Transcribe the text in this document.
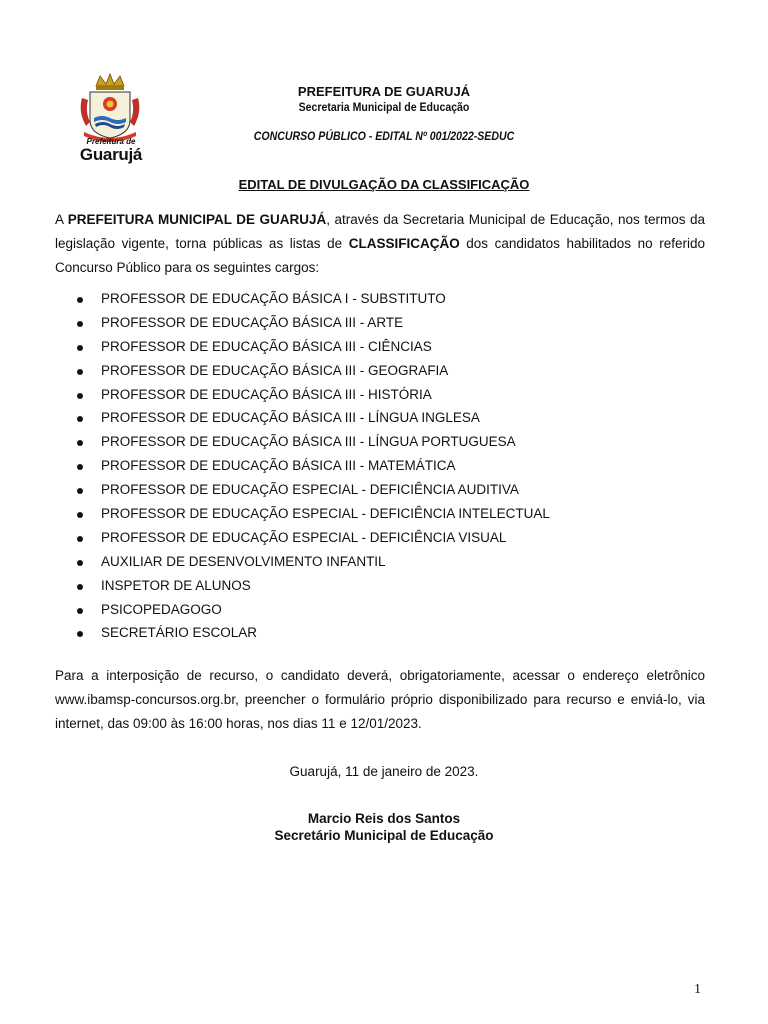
Prefeitura de
Guarujá
PREFEITURA DE GUARUJÁ
Secretaria Municipal de Educação
CONCURSO PÚBLICO - EDITAL Nº 001/2022-SEDUC
EDITAL DE DIVULGAÇÃO DA CLASSIFICAÇÃO
A PREFEITURA MUNICIPAL DE GUARUJÁ, através da Secretaria Municipal de Educação, nos termos da legislação vigente, torna públicas as listas de CLASSIFICAÇÃO dos candidatos habilitados no referido Concurso Público para os seguintes cargos:
PROFESSOR DE EDUCAÇÃO BÁSICA I - SUBSTITUTO
PROFESSOR DE EDUCAÇÃO BÁSICA III - ARTE
PROFESSOR DE EDUCAÇÃO BÁSICA III - CIÊNCIAS
PROFESSOR DE EDUCAÇÃO BÁSICA III - GEOGRAFIA
PROFESSOR DE EDUCAÇÃO BÁSICA III - HISTÓRIA
PROFESSOR DE EDUCAÇÃO BÁSICA III - LÍNGUA INGLESA
PROFESSOR DE EDUCAÇÃO BÁSICA III - LÍNGUA PORTUGUESA
PROFESSOR DE EDUCAÇÃO BÁSICA III - MATEMÁTICA
PROFESSOR DE EDUCAÇÃO ESPECIAL - DEFICIÊNCIA AUDITIVA
PROFESSOR DE EDUCAÇÃO ESPECIAL - DEFICIÊNCIA INTELECTUAL
PROFESSOR DE EDUCAÇÃO ESPECIAL - DEFICIÊNCIA VISUAL
AUXILIAR DE DESENVOLVIMENTO INFANTIL
INSPETOR DE ALUNOS
PSICOPEDAGOGO
SECRETÁRIO ESCOLAR
Para a interposição de recurso, o candidato deverá, obrigatoriamente, acessar o endereço eletrônico www.ibamsp-concursos.org.br, preencher o formulário próprio disponibilizado para recurso e enviá-lo, via internet, das 09:00 às 16:00 horas, nos dias 11 e 12/01/2023.
Guarujá, 11 de janeiro de 2023.
Marcio Reis dos Santos
Secretário Municipal de Educação
1
